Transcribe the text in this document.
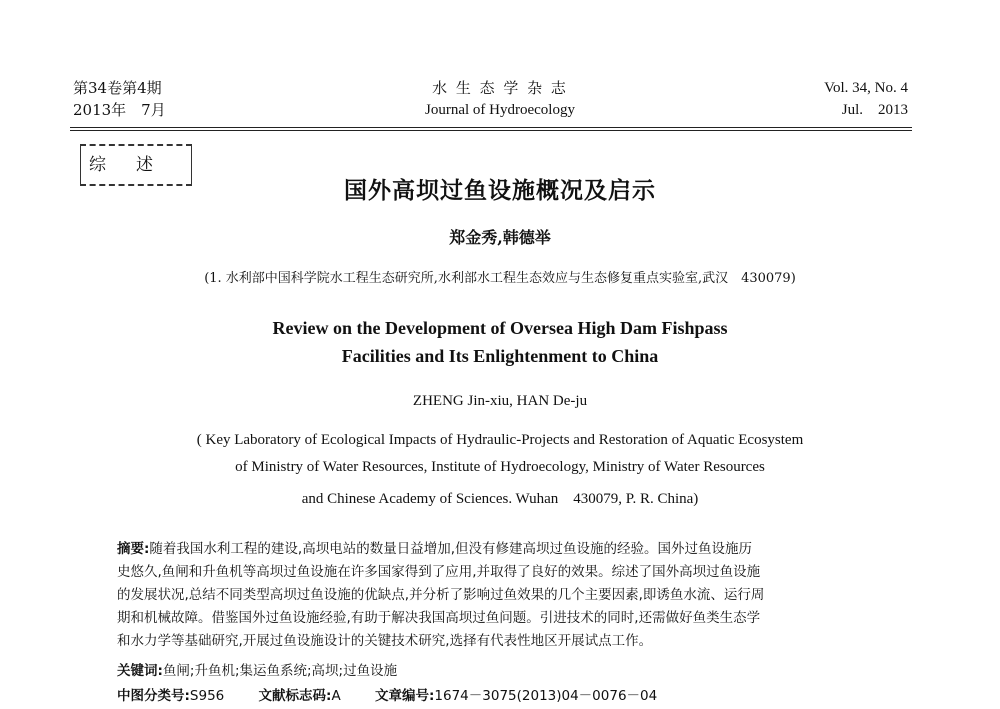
第34卷第4期
2013年　7月
水 生 态 学 杂 志
Journal of Hydroecology
Vol. 34, No. 4
Jul.　2013
综述
国外高坝过鱼设施概况及启示
郑金秀,韩德举
(1. 水利部中国科学院水工程生态研究所,水利部水工程生态效应与生态修复重点实验室,武汉　430079)
Review on the Development of Oversea High Dam Fishpass
Facilities and Its Enlightenment to China
ZHENG Jin-xiu, HAN De-ju
( Key Laboratory of Ecological Impacts of Hydraulic-Projects and Restoration of Aquatic Ecosystem
of Ministry of Water Resources, Institute of Hydroecology, Ministry of Water Resources
and Chinese Academy of Sciences. Wuhan　430079, P. R. China)
摘要:随着我国水利工程的建设,高坝电站的数量日益增加,但没有修建高坝过鱼设施的经验。国外过鱼设施历
史悠久,鱼闸和升鱼机等高坝过鱼设施在许多国家得到了应用,并取得了良好的效果。综述了国外高坝过鱼设施
的发展状况,总结不同类型高坝过鱼设施的优缺点,并分析了影响过鱼效果的几个主要因素,即诱鱼水流、运行周
期和机械故障。借鉴国外过鱼设施经验,有助于解决我国高坝过鱼问题。引进技术的同时,还需做好鱼类生态学
和水力学等基础研究,开展过鱼设施设计的关键技术研究,选择有代表性地区开展试点工作。
关键词:鱼闸;升鱼机;集运鱼系统;高坝;过鱼设施
中图分类号:S956	文献标志码:A	文章编号:1674－3075(2013)04－0076－04
